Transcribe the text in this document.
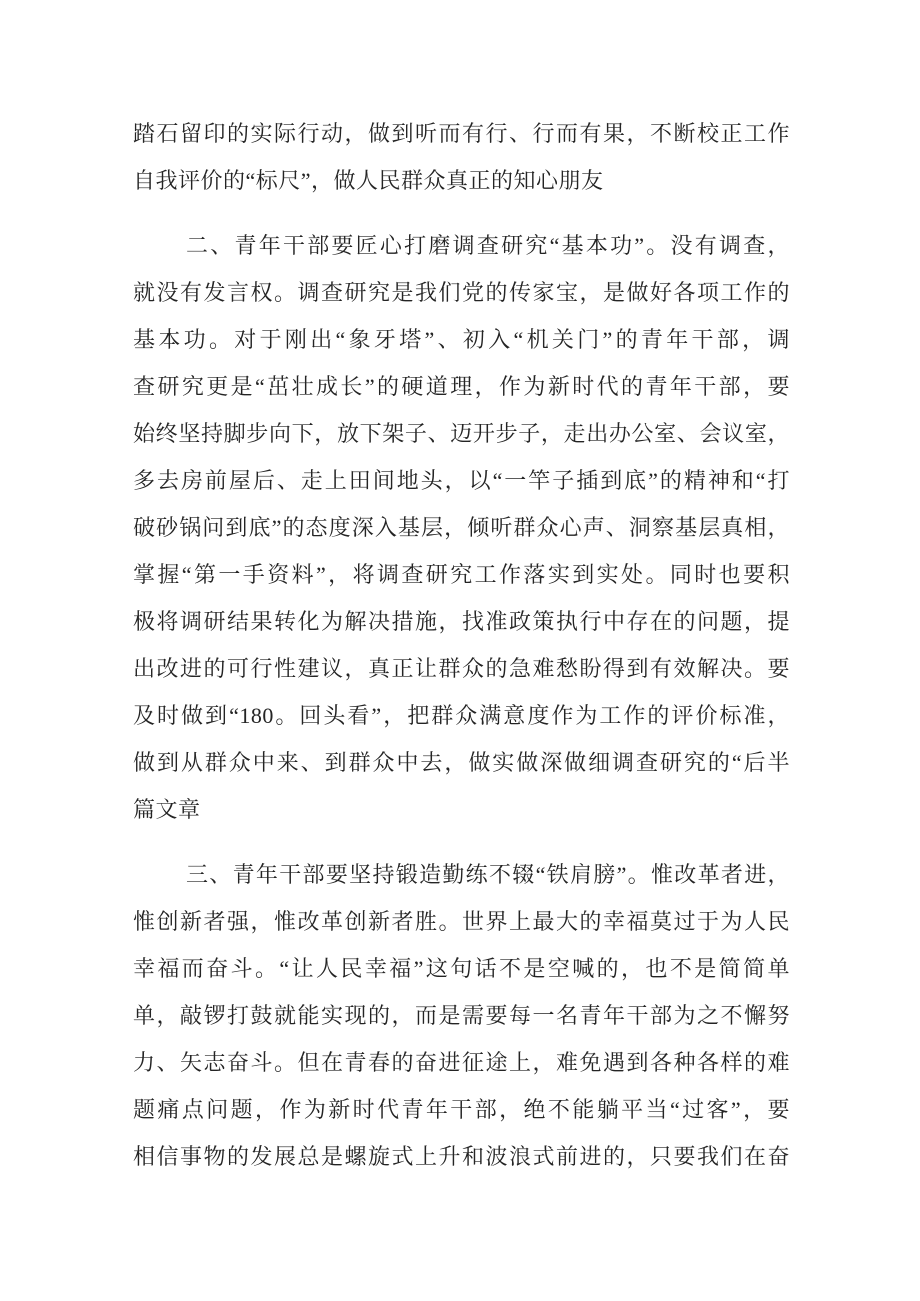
踏石留印的实际行动，做到听而有行、行而有果，不断校正工作
自我评价的“标尺”，做人民群众真正的知心朋友
二、青年干部要匠心打磨调查研究“基本功”。没有调查，
就没有发言权。调查研究是我们党的传家宝，是做好各项工作的
基本功。对于刚出“象牙塔”、初入“机关门”的青年干部，调
查研究更是“茁壮成长”的硬道理，作为新时代的青年干部，要
始终坚持脚步向下，放下架子、迈开步子，走出办公室、会议室，
多去房前屋后、走上田间地头，以“一竿子插到底”的精神和“打
破砂锅问到底”的态度深入基层，倾听群众心声、洞察基层真相，
掌握“第一手资料”，将调查研究工作落实到实处。同时也要积
极将调研结果转化为解决措施，找准政策执行中存在的问题，提
出改进的可行性建议，真正让群众的急难愁盼得到有效解决。要
及时做到“180。回头看”，把群众满意度作为工作的评价标准，
做到从群众中来、到群众中去，做实做深做细调查研究的“后半
篇文章
三、青年干部要坚持锻造勤练不辍“铁肩膀”。惟改革者进，
惟创新者强，惟改革创新者胜。世界上最大的幸福莫过于为人民
幸福而奋斗。“让人民幸福”这句话不是空喊的，也不是简简单
单，敲锣打鼓就能实现的，而是需要每一名青年干部为之不懈努
力、矢志奋斗。但在青春的奋进征途上，难免遇到各种各样的难
题痛点问题，作为新时代青年干部，绝不能躺平当“过客”，要
相信事物的发展总是螺旋式上升和波浪式前进的，只要我们在奋
